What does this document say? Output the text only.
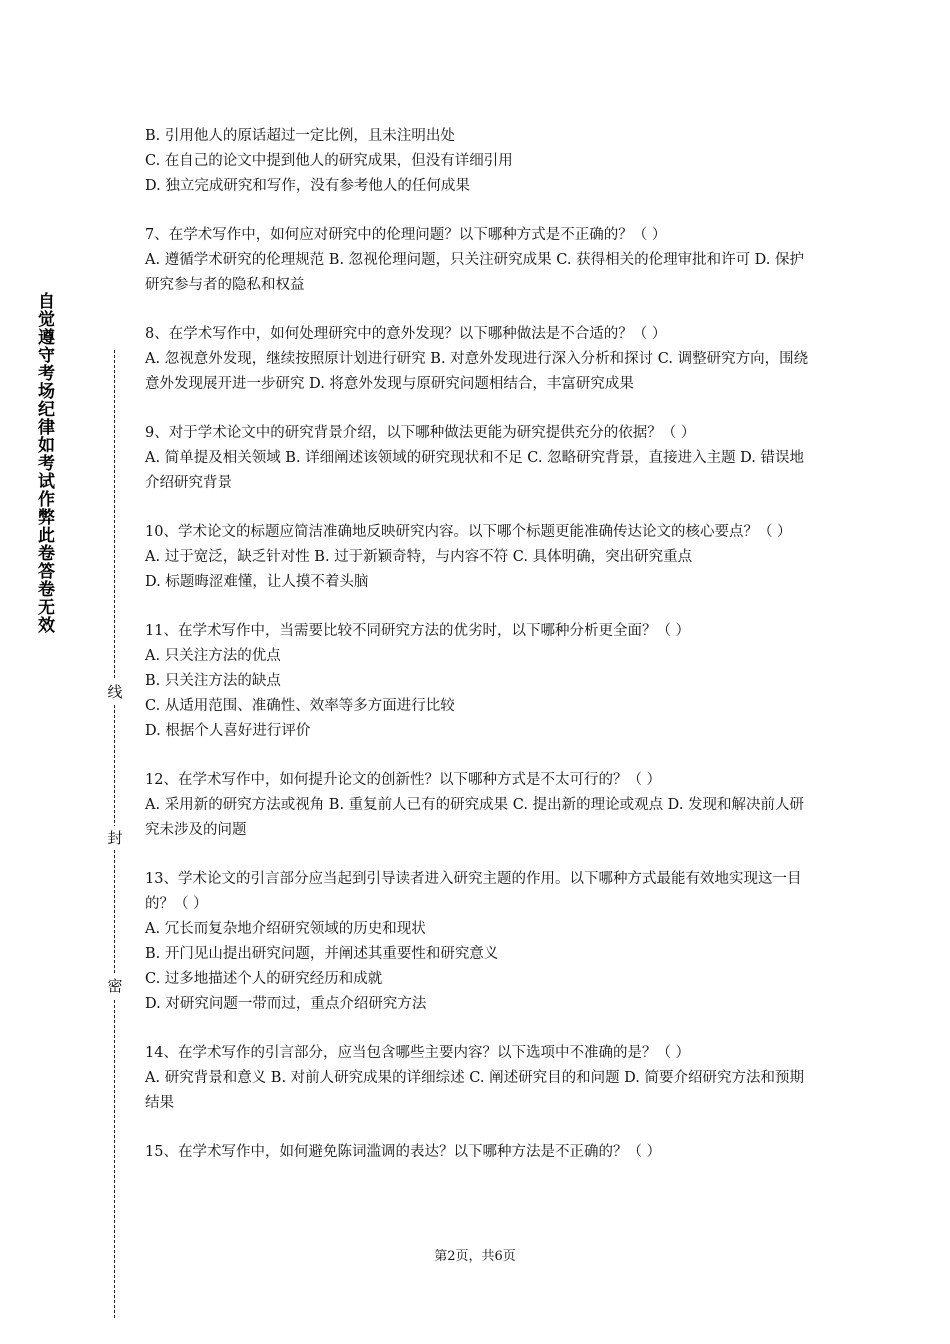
自觉遵守考场纪律如考试作弊此卷答卷无效
线
封
密
B. 引用他人的原话超过一定比例，且未注明出处
C. 在自己的论文中提到他人的研究成果，但没有详细引用
D. 独立完成研究和写作，没有参考他人的任何成果
7、在学术写作中，如何应对研究中的伦理问题？以下哪种方式是不正确的？（ ）
A. 遵循学术研究的伦理规范 B. 忽视伦理问题，只关注研究成果 C. 获得相关的伦理审批和许可 D. 保护研究参与者的隐私和权益
8、在学术写作中，如何处理研究中的意外发现？以下哪种做法是不合适的？（ ）
A. 忽视意外发现，继续按照原计划进行研究 B. 对意外发现进行深入分析和探讨 C. 调整研究方向，围绕意外发现展开进一步研究 D. 将意外发现与原研究问题相结合，丰富研究成果
9、对于学术论文中的研究背景介绍，以下哪种做法更能为研究提供充分的依据？（ ）
A. 简单提及相关领域 B. 详细阐述该领域的研究现状和不足 C. 忽略研究背景，直接进入主题 D. 错误地介绍研究背景
10、学术论文的标题应简洁准确地反映研究内容。以下哪个标题更能准确传达论文的核心要点？（ ）
A. 过于宽泛，缺乏针对性 B. 过于新颖奇特，与内容不符 C. 具体明确，突出研究重点
D. 标题晦涩难懂，让人摸不着头脑
11、在学术写作中，当需要比较不同研究方法的优劣时，以下哪种分析更全面？（ ）
A. 只关注方法的优点
B. 只关注方法的缺点
C. 从适用范围、准确性、效率等多方面进行比较
D. 根据个人喜好进行评价
12、在学术写作中，如何提升论文的创新性？以下哪种方式是不太可行的？（ ）
A. 采用新的研究方法或视角 B. 重复前人已有的研究成果 C. 提出新的理论或观点 D. 发现和解决前人研究未涉及的问题
13、学术论文的引言部分应当起到引导读者进入研究主题的作用。以下哪种方式最能有效地实现这一目的？（ ）
A. 冗长而复杂地介绍研究领域的历史和现状
B. 开门见山提出研究问题，并阐述其重要性和研究意义
C. 过多地描述个人的研究经历和成就
D. 对研究问题一带而过，重点介绍研究方法
14、在学术写作的引言部分，应当包含哪些主要内容？以下选项中不准确的是？（ ）
A. 研究背景和意义 B. 对前人研究成果的详细综述 C. 阐述研究目的和问题 D. 简要介绍研究方法和预期结果
15、在学术写作中，如何避免陈词滥调的表达？以下哪种方法是不正确的？（ ）
第2页，共6页
